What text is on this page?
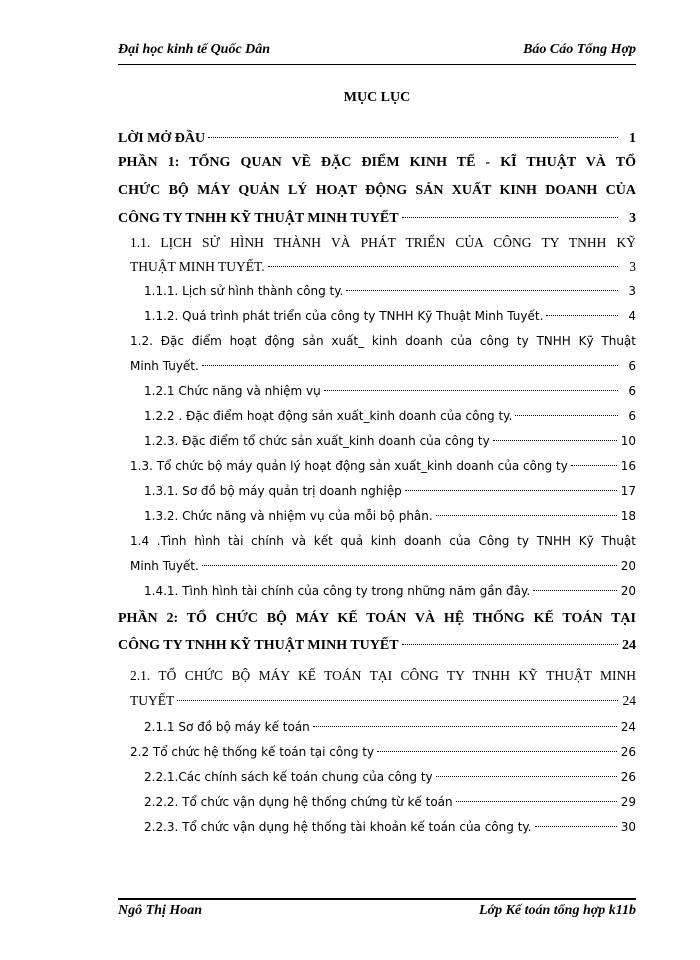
Đại học kinh tế Quốc Dân	Báo Cáo Tổng Hợp
MỤC LỤC
LỜI MỞ ĐẦU	1
PHẦN 1: TỔNG QUAN VỀ ĐẶC ĐIỂM KINH TẾ - KĨ THUẬT VÀ TỔ
CHỨC BỘ MÁY QUẢN LÝ HOẠT ĐỘNG SẢN XUẤT KINH DOANH CỦA
CÔNG TY TNHH KỸ THUẬT MINH TUYẾT	3
1.1. LỊCH SỬ HÌNH THÀNH VÀ PHÁT TRIỂN CỦA CÔNG TY TNHH KỸ
THUẬT MINH TUYẾT.	3
1.1.1. Lịch sử hình thành công ty.	3
1.1.2. Quá trình phát triển của công ty TNHH Kỹ Thuật Minh Tuyết.	4
1.2. Đặc điểm hoạt động sản xuất_ kinh doanh của công ty TNHH Kỹ Thuật
Minh Tuyết.	6
1.2.1 Chức năng và nhiệm vụ	6
1.2.2 . Đặc điểm hoạt động sản xuất_kinh doanh của công ty.	6
1.2.3. Đặc điểm tổ chức sản xuất_kinh doanh của công ty	10
1.3. Tổ chức bộ máy quản lý hoạt động sản xuất_kinh doanh của công ty	16
1.3.1. Sơ đồ bộ máy quản trị doanh nghiệp	17
1.3.2. Chức năng và nhiệm vụ của mỗi bộ phân.	18
1.4 .Tình hình tài chính và kết quả kinh doanh của Công ty TNHH Kỹ Thuật
Minh Tuyết.	20
1.4.1. Tình hình tài chính của công ty trong những năm gần đây.	20
PHẦN 2: TỔ CHỨC BỘ MÁY KẾ TOÁN VÀ HỆ THỐNG KẾ TOÁN TẠI
CÔNG TY TNHH KỸ THUẬT MINH TUYẾT	24
2.1. TỔ CHỨC BỘ MÁY KẾ TOÁN TẠI CÔNG TY TNHH KỸ THUẬT MINH
TUYẾT	24
2.1.1 Sơ đồ bộ máy kế toán	24
2.2 Tổ chức hệ thống kế toán tại công ty	26
2.2.1.Các chính sách kế toán chung của công ty	26
2.2.2. Tổ chức vận dụng hệ thống chứng từ kế toán	29
2.2.3. Tổ chức vận dụng hệ thống tài khoản kế toán của công ty.	30
Ngô Thị Hoan	Lớp Kế toán tổng hợp k11b
